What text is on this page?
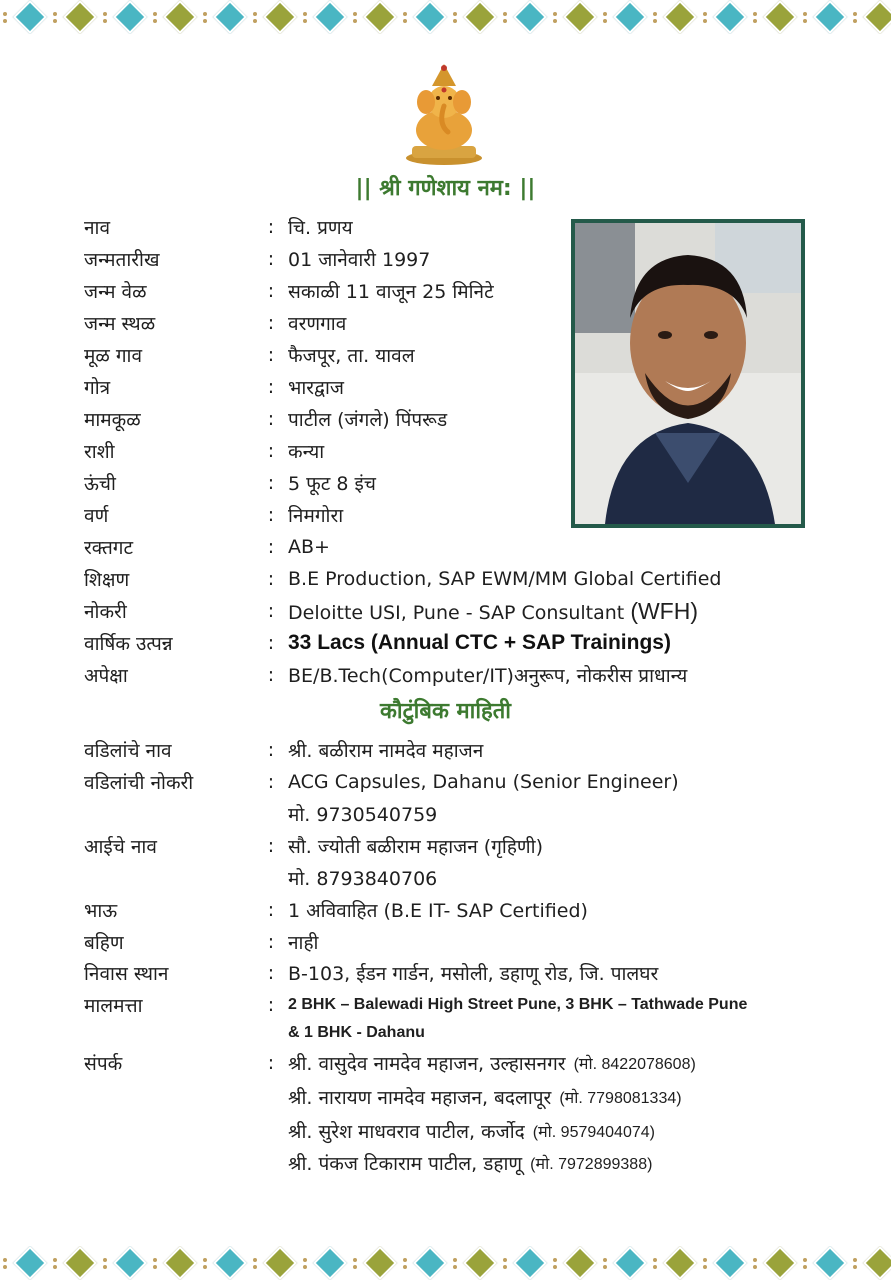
|| श्री गणेशाय नम: ||
नाव	: चि. प्रणय
जन्मतारीख	: 01 जानेवारी 1997
जन्म वेळ	: सकाळी 11 वाजून 25 मिनिटे
जन्म स्थळ	: वरणगाव
मूळ गाव	: फैजपूर, ता. यावल
गोत्र	: भारद्वाज
मामकूळ	: पाटील (जंगले) पिंपरूड
राशी	: कन्या
ऊंची	: 5 फूट 8 इंच
वर्ण	: निमगोरा
रक्तगट	: AB+
शिक्षण	: B.E Production, SAP EWM/MM Global Certified
नोकरी	: Deloitte USI, Pune - SAP Consultant (WFH)
वार्षिक उत्पन्न	: 33 Lacs (Annual CTC + SAP Trainings)
अपेक्षा	: BE/B.Tech(Computer/IT)अनुरूप, नोकरीस प्राधान्य
कौटुंबिक माहिती
वडिलांचे नाव	: श्री. बळीराम नामदेव महाजन
वडिलांची नोकरी	: ACG Capsules, Dahanu (Senior Engineer)
मो. 9730540759
आईचे नाव	: सौ. ज्योती बळीराम महाजन (गृहिणी)
मो. 8793840706
भाऊ	: 1 अविवाहित (B.E IT- SAP Certified)
बहिण	: नाही
निवास स्थान	: B-103, ईडन गार्डन, मसोली, डहाणू रोड, जि. पालघर
मालमत्ता	: 2 BHK – Balewadi High Street Pune, 3 BHK – Tathwade Pune
& 1 BHK - Dahanu
संपर्क	: श्री. वासुदेव नामदेव महाजन, उल्हासनगर (मो. 8422078608)
श्री. नारायण नामदेव महाजन, बदलापूर (मो. 7798081334)
श्री. सुरेश माधवराव पाटील, कर्जोद (मो. 9579404074)
श्री. पंकज टिकाराम पाटील, डहाणू (मो. 7972899388)
